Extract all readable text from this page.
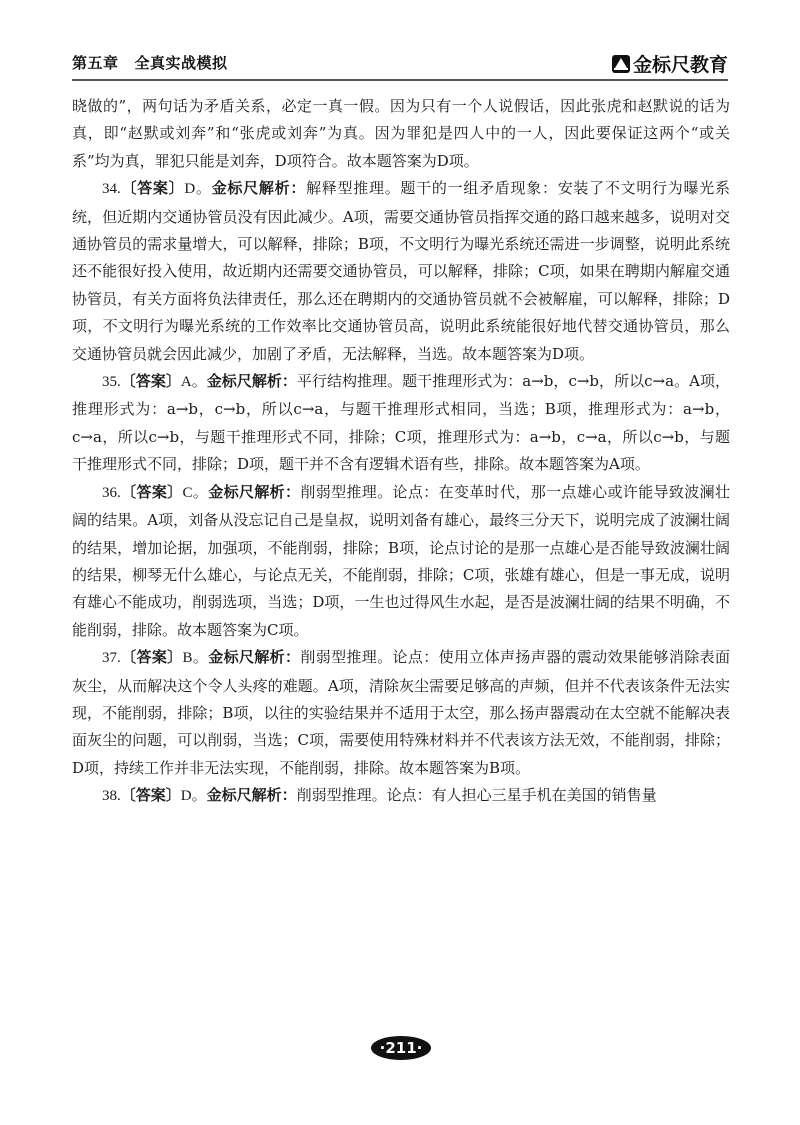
第五章 全真实战模拟	金标尺教育

晓做的”，两句话为矛盾关系，必定一真一假。因为只有一个人说假话，因此张虎和赵默说的话为真，即“赵默或刘奔”和“张虎或刘奔”为真。因为罪犯是四人中的一人，因此要保证这两个“或关系”均为真，罪犯只能是刘奔，D项符合。故本题答案为D项。

34.〔答案〕D。金标尺解析：解释型推理。题干的一组矛盾现象：安装了不文明行为曝光系统，但近期内交通协管员没有因此减少。A项，需要交通协管员指挥交通的路口越来越多，说明对交通协管员的需求量增大，可以解释，排除；B项，不文明行为曝光系统还需进一步调整，说明此系统还不能很好投入使用，故近期内还需要交通协管员，可以解释，排除；C项，如果在聘期内解雇交通协管员，有关方面将负法律责任，那么还在聘期内的交通协管员就不会被解雇，可以解释，排除；D项，不文明行为曝光系统的工作效率比交通协管员高，说明此系统能很好地代替交通协管员，那么交通协管员就会因此减少，加剧了矛盾，无法解释，当选。故本题答案为D项。

35.〔答案〕A。金标尺解析：平行结构推理。题干推理形式为：a→b，c→b，所以c→a。A项，推理形式为：a→b，c→b，所以c→a，与题干推理形式相同，当选；B项，推理形式为：a→b，c→a，所以c→b，与题干推理形式不同，排除；C项，推理形式为：a→b，c→a，所以c→b，与题干推理形式不同，排除；D项，题干并不含有逻辑术语有些，排除。故本题答案为A项。

36.〔答案〕C。金标尺解析：削弱型推理。论点：在变革时代，那一点雄心或许能导致波澜壮阔的结果。A项，刘备从没忘记自己是皇叔，说明刘备有雄心，最终三分天下，说明完成了波澜壮阔的结果，增加论据，加强项，不能削弱，排除；B项，论点讨论的是那一点雄心是否能导致波澜壮阔的结果，柳琴无什么雄心，与论点无关，不能削弱，排除；C项，张雄有雄心，但是一事无成，说明有雄心不能成功，削弱选项，当选；D项，一生也过得风生水起，是否是波澜壮阔的结果不明确，不能削弱，排除。故本题答案为C项。

37.〔答案〕B。金标尺解析：削弱型推理。论点：使用立体声扬声器的震动效果能够消除表面灰尘，从而解决这个令人头疼的难题。A项，清除灰尘需要足够高的声频，但并不代表该条件无法实现，不能削弱，排除；B项，以往的实验结果并不适用于太空，那么扬声器震动在太空就不能解决表面灰尘的问题，可以削弱，当选；C项，需要使用特殊材料并不代表该方法无效，不能削弱，排除；D项，持续工作并非无法实现，不能削弱，排除。故本题答案为B项。

38.〔答案〕D。金标尺解析：削弱型推理。论点：有人担心三星手机在美国的销售量

·211·
